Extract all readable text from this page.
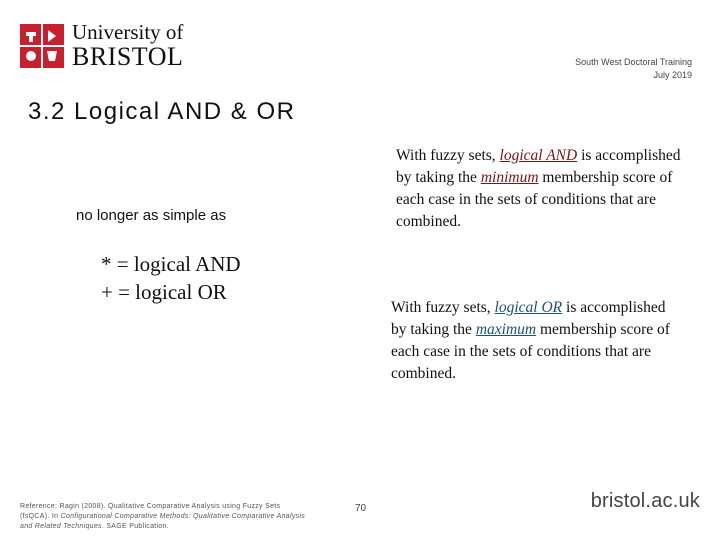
University of
BRISTOL	South West Doctoral Training
July 2019
3.2 Logical AND & OR
no longer as simple as
* = logical AND
+ = logical OR
With fuzzy sets, logical AND is accomplished by taking the minimum membership score of each case in the sets of conditions that are combined.
With fuzzy sets, logical OR is accomplished by taking the maximum membership score of each case in the sets of conditions that are combined.
Reference: Ragin (2008). Qualitative Comparative Analysis using Fuzzy Sets (fsQCA). In Configurational Comparative Methods: Qualitative Comparative Analysis and Related Techniques. SAGE Publication.
70	bristol.ac.uk
